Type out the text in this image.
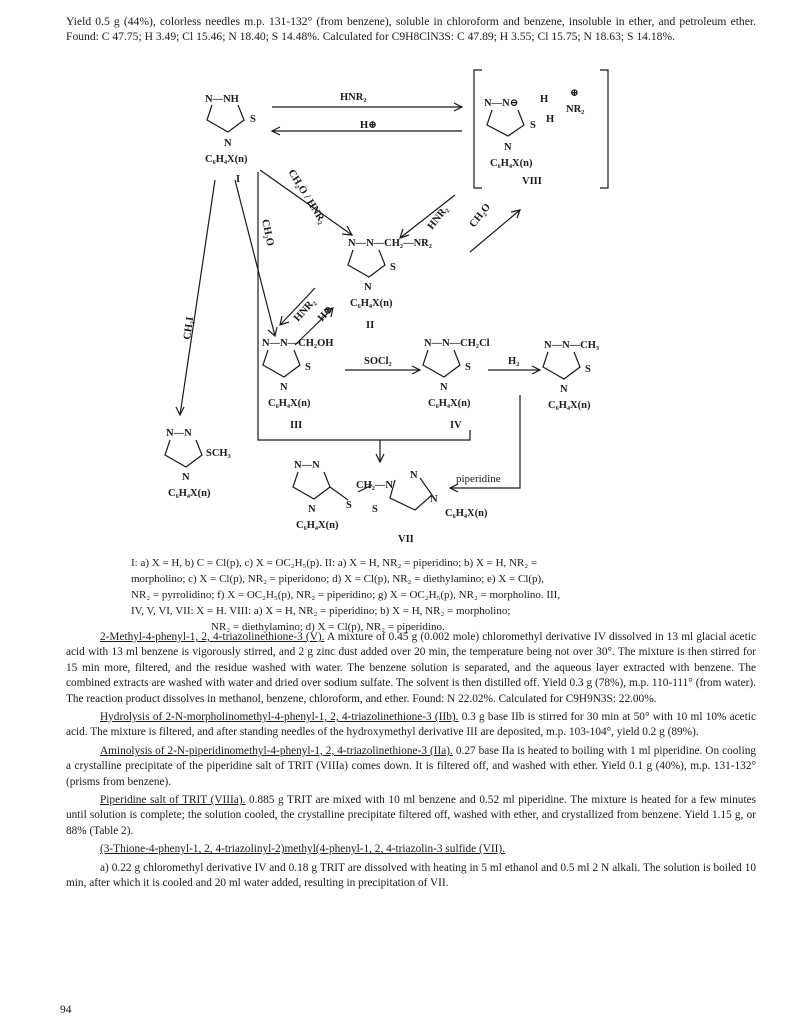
Yield 0.5 g (44%), colorless needles m.p. 131-132° (from benzene), soluble in chloroform and benzene, insoluble in ether, and petroleum ether. Found: C 47.75; H 3.49; Cl 15.46; N 18.40; S 14.48%. Calculated for C9H8ClN3S: C 47.89; H 3.55; Cl 15.75; N 18.63; S 14.18%.
N—NH
S
N
C₆H₄X(n)
I
HNR₂
H⊕
N—N⊖ H
⊕
NR₂
H
S
N
C₆H₄X(n)
VIII
CH₂O / HNR₂
CH₂O
HNR₂ CH₂O
N—N—CH₂—NR₂
S
N
C₆H₄X(n)
II
HNR₂
H⊕
CH₃I
N—N—CH₂OH
S
N
C₆H₄X(n)
III
SOCl₂
N—N—CH₂Cl
S
N
C₆H₄X(n)
IV
H₂
N—N—CH₃
S
N
C₆H₄X(n)
N—N
SCH₃
N
C₆H₄X(n)
N—N
S
CH₂—N
N
N
S
N
C₆H₄X(n)
C₆H₄X(n)
VII
piperidine
I: a) X = H, b) C = Cl(p), c) X = OC₂H₅(p). II: a) X = H, NR₂ = piperidino; b) X = H, NR₂ =
morpholino; c) X = Cl(p), NR₂ = piperidono; d) X = Cl(p), NR₂ = diethylamino; e) X = Cl(p),
NR₂ = pyrrolidino; f) X = OC₂H₅(p), NR₂ = piperidino; g) X = OC₂H₅(p), NR₂ = morpholino. III,
IV, V, VI, VII: X = H. VIII: a) X = H, NR₂ = piperidino; b) X = H, NR₂ = morpholino;
NR₂ = diethylamino; d) X = Cl(p), NR₂ = piperidino.

2-Methyl-4-phenyl-1, 2, 4-triazolinethione-3 (V). A mixture of 0.45 g (0.002 mole) chloromethyl derivative IV dissolved in 13 ml glacial acetic acid with 13 ml benzene is vigorously stirred, and 2 g zinc dust added over 20 min, the temperature being not over 30°. The mixture is then stirred for 15 min more, filtered, and the residue washed with water. The benzene solution is separated, and the aqueous layer extracted with benzene. The combined extracts are washed with water and dried over sodium sulfate. The solvent is then distilled off. Yield 0.3 g (78%), m.p. 110-111° (from water). The reaction product dissolves in methanol, benzene, chloroform, and ether. Found: N 22.02%. Calculated for C9H9N3S: 22.00%.

Hydrolysis of 2-N-morpholinomethyl-4-phenyl-1, 2, 4-triazolinethione-3 (IIb). 0.3 g base IIb is stirred for 30 min at 50° with 10 ml 10% acetic acid. The mixture is filtered, and after standing needles of the hydroxymethyl derivative III are deposited, m.p. 103-104°, yield 0.2 g (89%).

Aminolysis of 2-N-piperidinomethyl-4-phenyl-1, 2, 4-triazolinethione-3 (IIa). 0.27 base IIa is heated to boiling with 1 ml piperidine. On cooling a crystalline precipitate of the piperidine salt of TRIT (VIIIa) comes down. It is filtered off, and washed with ether. Yield 0.1 g (40%), m.p. 131-132° (prisms from benzene).

Piperidine salt of TRIT (VIIIa). 0.885 g TRIT are mixed with 10 ml benzene and 0.52 ml piperidine. The mixture is heated for a few minutes until solution is complete; the solution cooled, the crystalline precipitate filtered off, washed with ether, and crystallized from benzene. Yield 1.15 g, or 88% (Table 2).

(3-Thione-4-phenyl-1, 2, 4-triazolinyl-2)methyl(4-phenyl-1, 2, 4-triazolin-3 sulfide (VII).

a) 0.22 g chloromethyl derivative IV and 0.18 g TRIT are dissolved with heating in 5 ml ethanol and 0.5 ml 2 N alkali. The solution is boiled 10 min, after which it is cooled and 20 ml water added, resulting in precipitation of VII.

94
